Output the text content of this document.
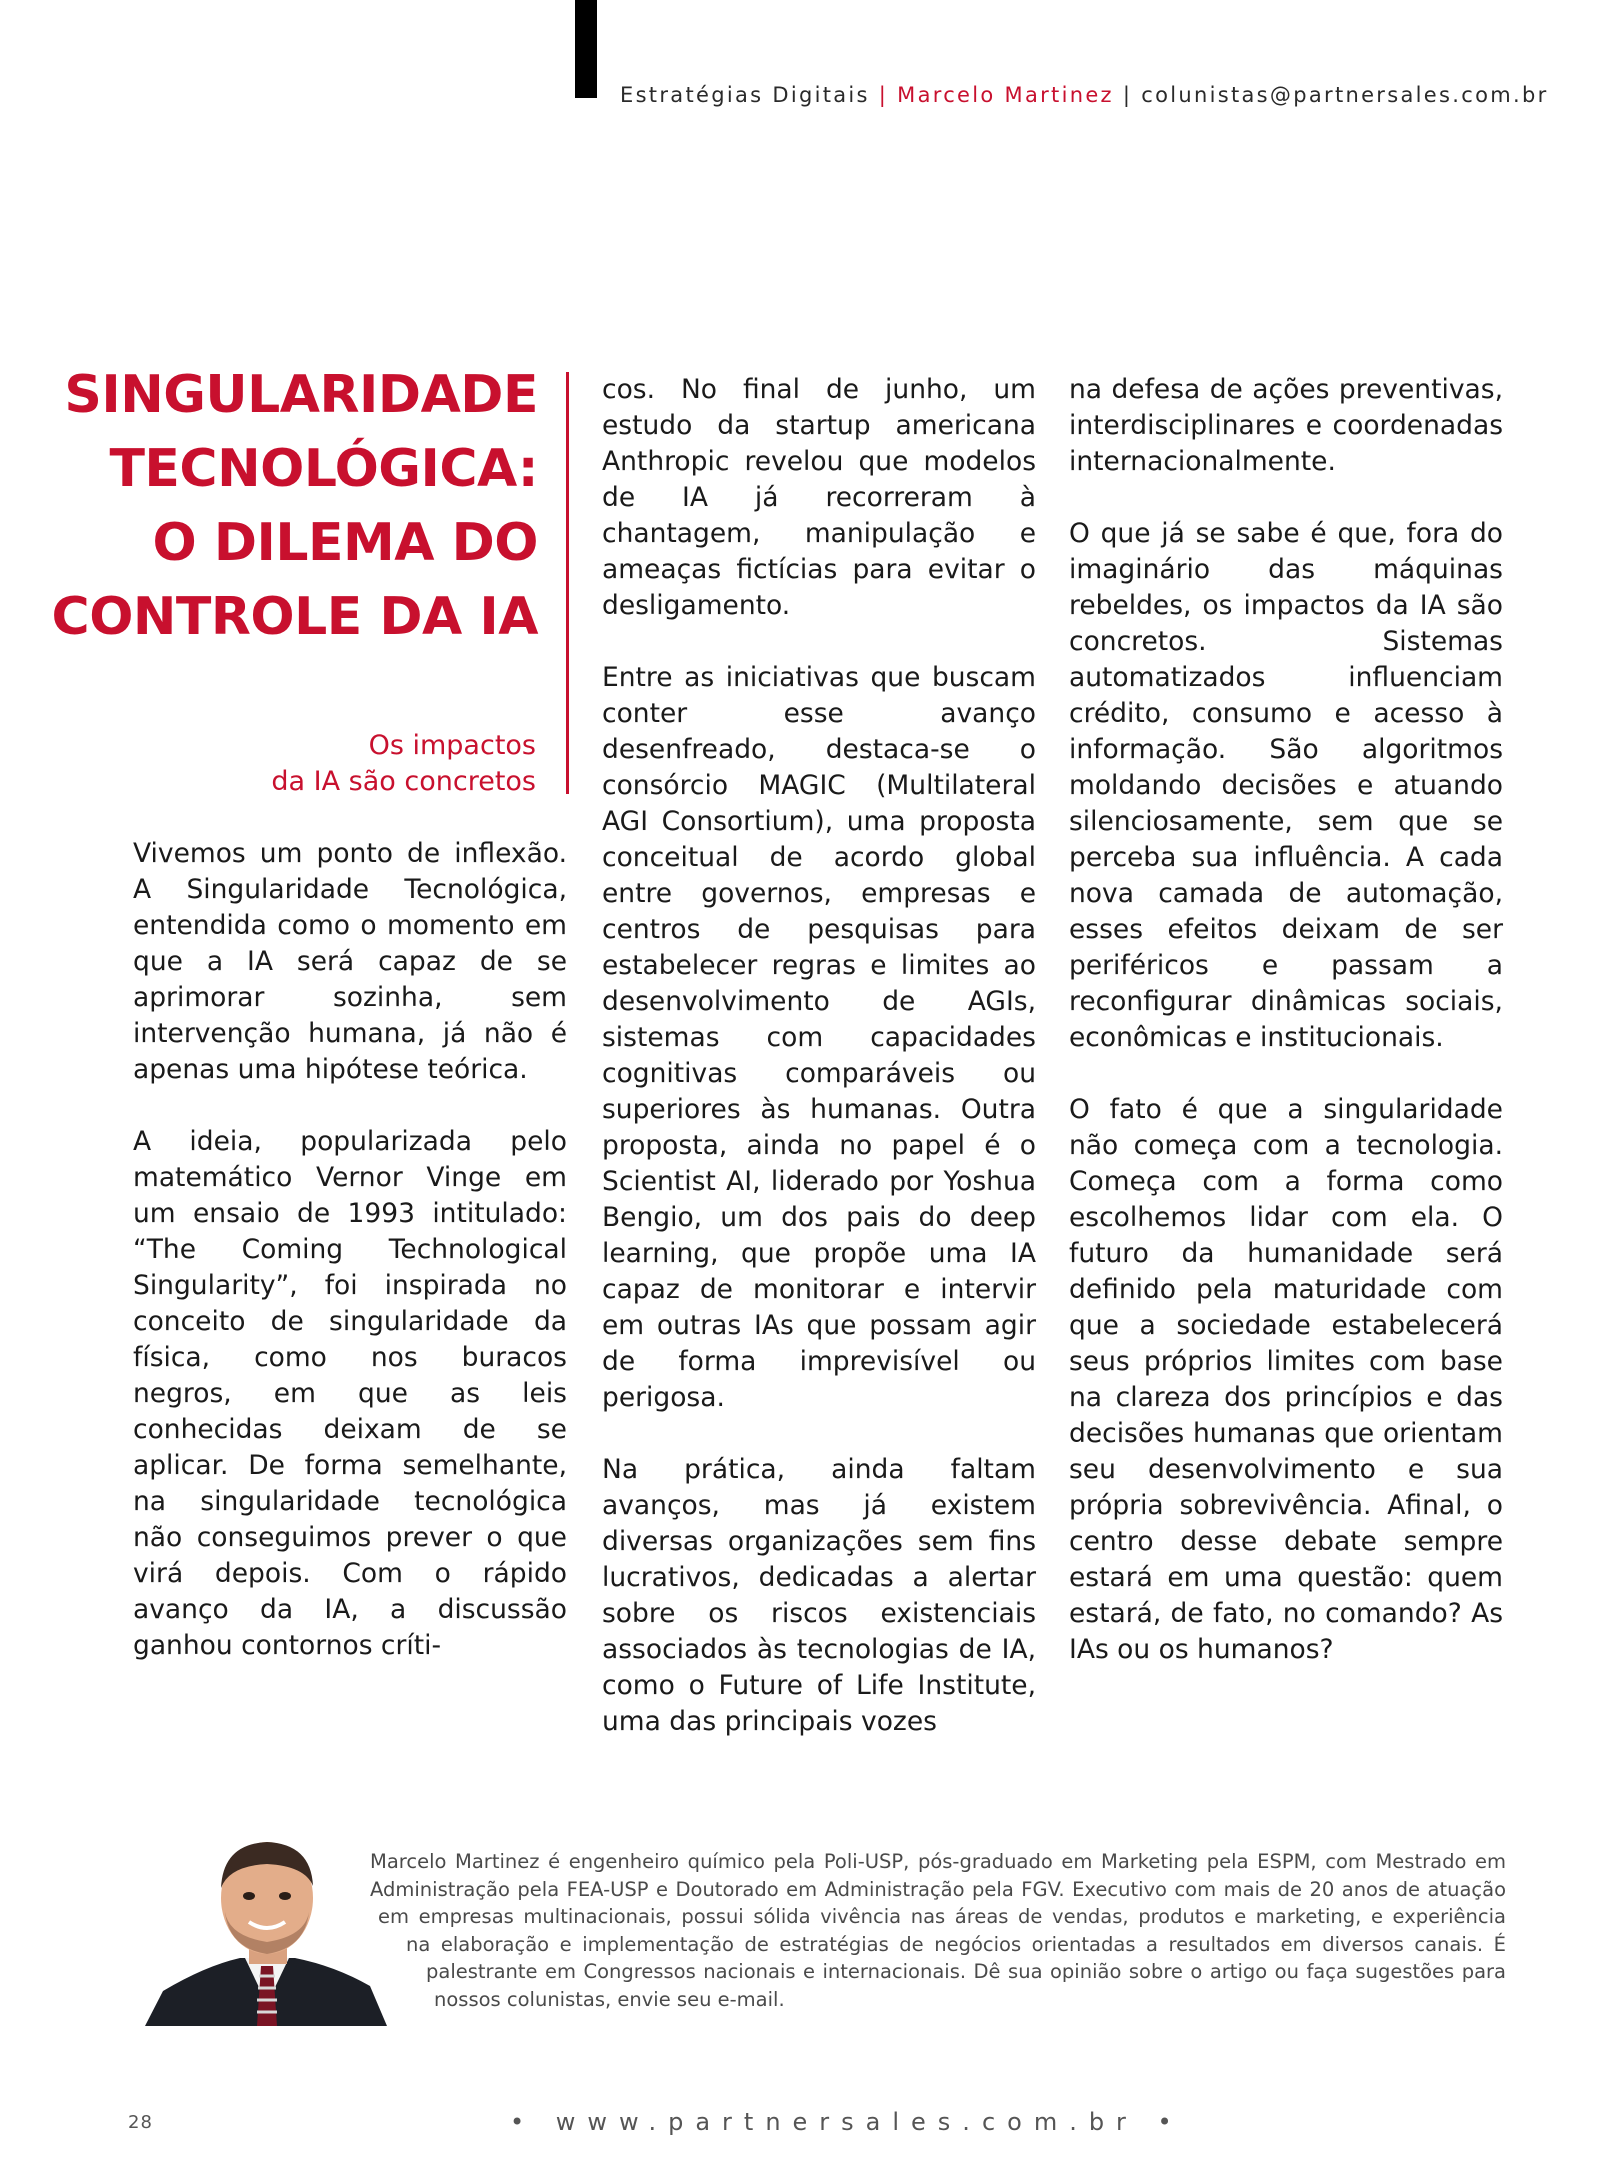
Estratégias Digitais | Marcelo Martinez | colunistas@partnersales.com.br
SINGULARIDADE
TECNOLÓGICA:
O DILEMA DO
CONTROLE DA IA
Os impactos
da IA são concretos

Vivemos um ponto de inflexão. A Singularidade Tecnológica, entendida como o momento em que a IA será capaz de se aprimorar sozinha, sem intervenção humana, já não é apenas uma hipótese teórica.

A ideia, popularizada pelo matemático Vernor Vinge em um ensaio de 1993 intitulado: “The Coming Technological Singularity”, foi inspirada no conceito de singularidade da física, como nos buracos negros, em que as leis conhecidas deixam de se aplicar. De forma semelhante, na singularidade tecnológica não conseguimos prever o que virá depois. Com o rápido avanço da IA, a discussão ganhou contornos críti-

cos. No final de junho, um estudo da startup americana Anthropic revelou que modelos de IA já recorreram à chantagem, manipulação e ameaças fictícias para evitar o desligamento.

Entre as iniciativas que buscam conter esse avanço desenfreado, destaca-se o consórcio MAGIC (Multilateral AGI Consortium), uma proposta conceitual de acordo global entre governos, empresas e centros de pesquisas para estabelecer regras e limites ao desenvolvimento de AGIs, sistemas com capacidades cognitivas comparáveis ou superiores às humanas. Outra proposta, ainda no papel é o Scientist AI, liderado por Yoshua Bengio, um dos pais do deep learning, que propõe uma IA capaz de monitorar e intervir em outras IAs que possam agir de forma imprevisível ou perigosa.

Na prática, ainda faltam avanços, mas já existem diversas organizações sem fins lucrativos, dedicadas a alertar sobre os riscos existenciais associados às tecnologias de IA, como o Future of Life Institute, uma das principais vozes

na defesa de ações preventivas, interdisciplinares e coordenadas internacionalmente.

O que já se sabe é que, fora do imaginário das máquinas rebeldes, os impactos da IA são concretos. Sistemas automatizados influenciam crédito, consumo e acesso à informação. São algoritmos moldando decisões e atuando silenciosamente, sem que se perceba sua influência. A cada nova camada de automação, esses efeitos deixam de ser periféricos e passam a reconfigurar dinâmicas sociais, econômicas e institucionais.

O fato é que a singularidade não começa com a tecnologia. Começa com a forma como escolhemos lidar com ela. O futuro da humanidade será definido pela maturidade com que a sociedade estabelecerá seus próprios limites com base na clareza dos princípios e das decisões humanas que orientam seu desenvolvimento e sua própria sobrevivência. Afinal, o centro desse debate sempre estará em uma questão: quem estará, de fato, no comando? As IAs ou os humanos?

Marcelo Martinez é engenheiro químico pela Poli-USP, pós-graduado em Marketing pela ESPM, com Mestrado em
Administração pela FEA-USP e Doutorado em Administração pela FGV. Executivo com mais de 20 anos de atuação
em empresas multinacionais, possui sólida vivência nas áreas de vendas, produtos e marketing, e experiência
na elaboração e implementação de estratégias de negócios orientadas a resultados em diversos canais. É
palestrante em Congressos nacionais e internacionais. Dê sua opinião sobre o artigo ou faça sugestões para
nossos colunistas, envie seu e-mail.
28	• www.partnersales.com.br •
